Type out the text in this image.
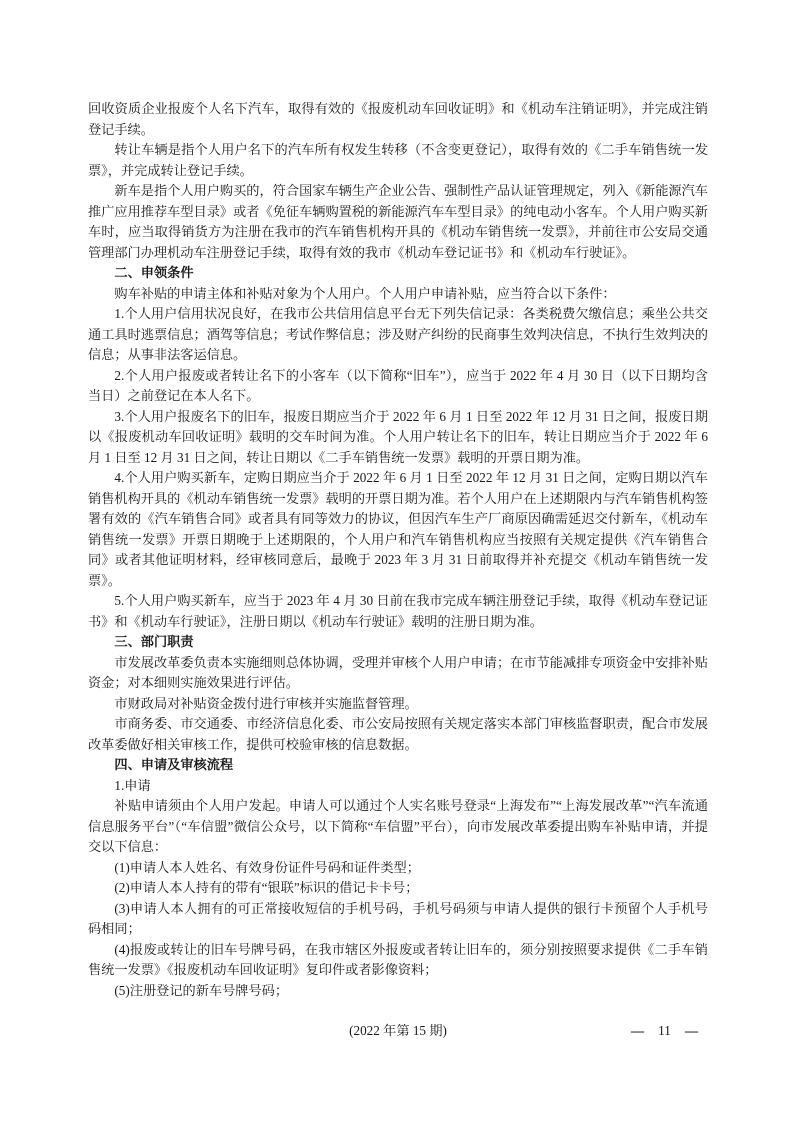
回收资质企业报废个人名下汽车，取得有效的《报废机动车回收证明》和《机动车注销证明》，并完成注销登记手续。

转让车辆是指个人用户名下的汽车所有权发生转移（不含变更登记），取得有效的《二手车销售统一发票》，并完成转让登记手续。

新车是指个人用户购买的，符合国家车辆生产企业公告、强制性产品认证管理规定，列入《新能源汽车推广应用推荐车型目录》或者《免征车辆购置税的新能源汽车车型目录》的纯电动小客车。个人用户购买新车时，应当取得销货方为注册在我市的汽车销售机构开具的《机动车销售统一发票》，并前往市公安局交通管理部门办理机动车注册登记手续，取得有效的我市《机动车登记证书》和《机动车行驶证》。

二、申领条件

购车补贴的申请主体和补贴对象为个人用户。个人用户申请补贴，应当符合以下条件：

1.个人用户信用状况良好，在我市公共信用信息平台无下列失信记录：各类税费欠缴信息；乘坐公共交通工具时逃票信息；酒驾等信息；考试作弊信息；涉及财产纠纷的民商事生效判决信息，不执行生效判决的信息；从事非法客运信息。

2.个人用户报废或者转让名下的小客车（以下简称“旧车”），应当于 2022 年 4 月 30 日（以下日期均含当日）之前登记在本人名下。

3.个人用户报废名下的旧车，报废日期应当介于 2022 年 6 月 1 日至 2022 年 12 月 31 日之间，报废日期以《报废机动车回收证明》载明的交车时间为准。个人用户转让名下的旧车，转让日期应当介于 2022 年 6 月 1 日至 12 月 31 日之间，转让日期以《二手车销售统一发票》载明的开票日期为准。

4.个人用户购买新车，定购日期应当介于 2022 年 6 月 1 日至 2022 年 12 月 31 日之间，定购日期以汽车销售机构开具的《机动车销售统一发票》载明的开票日期为准。若个人用户在上述期限内与汽车销售机构签署有效的《汽车销售合同》或者具有同等效力的协议，但因汽车生产厂商原因确需延迟交付新车，《机动车销售统一发票》开票日期晚于上述期限的，个人用户和汽车销售机构应当按照有关规定提供《汽车销售合同》或者其他证明材料，经审核同意后，最晚于 2023 年 3 月 31 日前取得并补充提交《机动车销售统一发票》。

5.个人用户购买新车，应当于 2023 年 4 月 30 日前在我市完成车辆注册登记手续，取得《机动车登记证书》和《机动车行驶证》，注册日期以《机动车行驶证》载明的注册日期为准。

三、部门职责

市发展改革委负责本实施细则总体协调，受理并审核个人用户申请；在市节能减排专项资金中安排补贴资金；对本细则实施效果进行评估。

市财政局对补贴资金拨付进行审核并实施监督管理。

市商务委、市交通委、市经济信息化委、市公安局按照有关规定落实本部门审核监督职责，配合市发展改革委做好相关审核工作，提供可校验审核的信息数据。

四、申请及审核流程

1.申请

补贴申请须由个人用户发起。申请人可以通过个人实名账号登录“上海发布”“上海发展改革”“汽车流通信息服务平台”（“车信盟”微信公众号，以下简称“车信盟”平台），向市发展改革委提出购车补贴申请，并提交以下信息：

(1)申请人本人姓名、有效身份证件号码和证件类型；

(2)申请人本人持有的带有“银联”标识的借记卡卡号；

(3)申请人本人拥有的可正常接收短信的手机号码，手机号码须与申请人提供的银行卡预留个人手机号码相同；

(4)报废或转让的旧车号牌号码，在我市辖区外报废或者转让旧车的，须分别按照要求提供《二手车销售统一发票》《报废机动车回收证明》复印件或者影像资料；

(5)注册登记的新车号牌号码；

(2022 年第 15 期)	— 11 —
